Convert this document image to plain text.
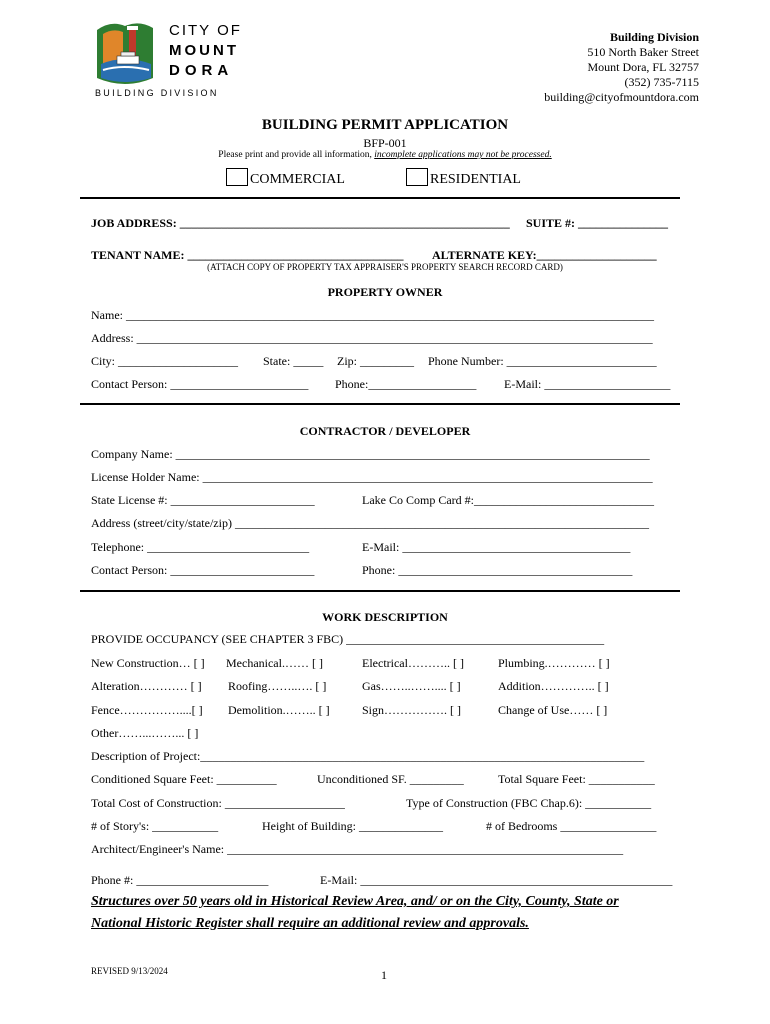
CITY OF
MOUNT
DORA
BUILDING DIVISION
Building Division
510 North Baker Street
Mount Dora, FL 32757
(352) 735-7115
building@cityofmountdora.com
BUILDING PERMIT APPLICATION
BFP-001
Please print and provide all information, incomplete applications may not be processed.
COMMERCIAL	RESIDENTIAL
JOB ADDRESS: _______________________________________________________ SUITE #: _______________
TENANT NAME: ____________________________________ ALTERNATE KEY:____________________
(ATTACH COPY OF PROPERTY TAX APPRAISER'S PROPERTY SEARCH RECORD CARD)
PROPERTY OWNER
Name: ________________________________________________________________________________________
Address: ______________________________________________________________________________________
City: ____________________ State: _____ Zip: _________ Phone Number: _________________________
Contact Person: _______________________ Phone:__________________ E-Mail: _____________________
CONTRACTOR / DEVELOPER
Company Name: _______________________________________________________________________________
License Holder Name: ___________________________________________________________________________
State License #: ________________________	Lake Co Comp Card #:______________________________
Address (street/city/state/zip) _____________________________________________________________________
Telephone: ___________________________	E-Mail: ______________________________________
Contact Person: ________________________	Phone: _______________________________________
WORK DESCRIPTION
PROVIDE OCCUPANCY (SEE CHAPTER 3 FBC) ___________________________________________
New Construction… [ ] Mechanical.…… [ ]	Electrical……….. [ ]	Plumbing.………… [ ]
Alteration………… [ ] Roofing……..…. [ ]	Gas……..…….... [ ]	Addition………….. [ ]
Fence……………....[ ] Demolition.…….. [ ]	Sign……………. [ ]	Change of Use…… [ ]
Other……...……... [ ]
Description of Project:__________________________________________________________________________
Conditioned Square Feet: __________	Unconditioned SF. _________	Total Square Feet: ___________
Total Cost of Construction: ____________________	Type of Construction (FBC Chap.6): ___________
# of Story's: ___________	Height of Building: ______________	# of Bedrooms ________________
Architect/Engineer's Name: __________________________________________________________________
Phone #: ______________________	E-Mail: ____________________________________________________
Structures over 50 years old in Historical Review Area, and/ or on the City, County, State or
National Historic Register shall require an additional review and approvals.
REVISED 9/13/2024	1
